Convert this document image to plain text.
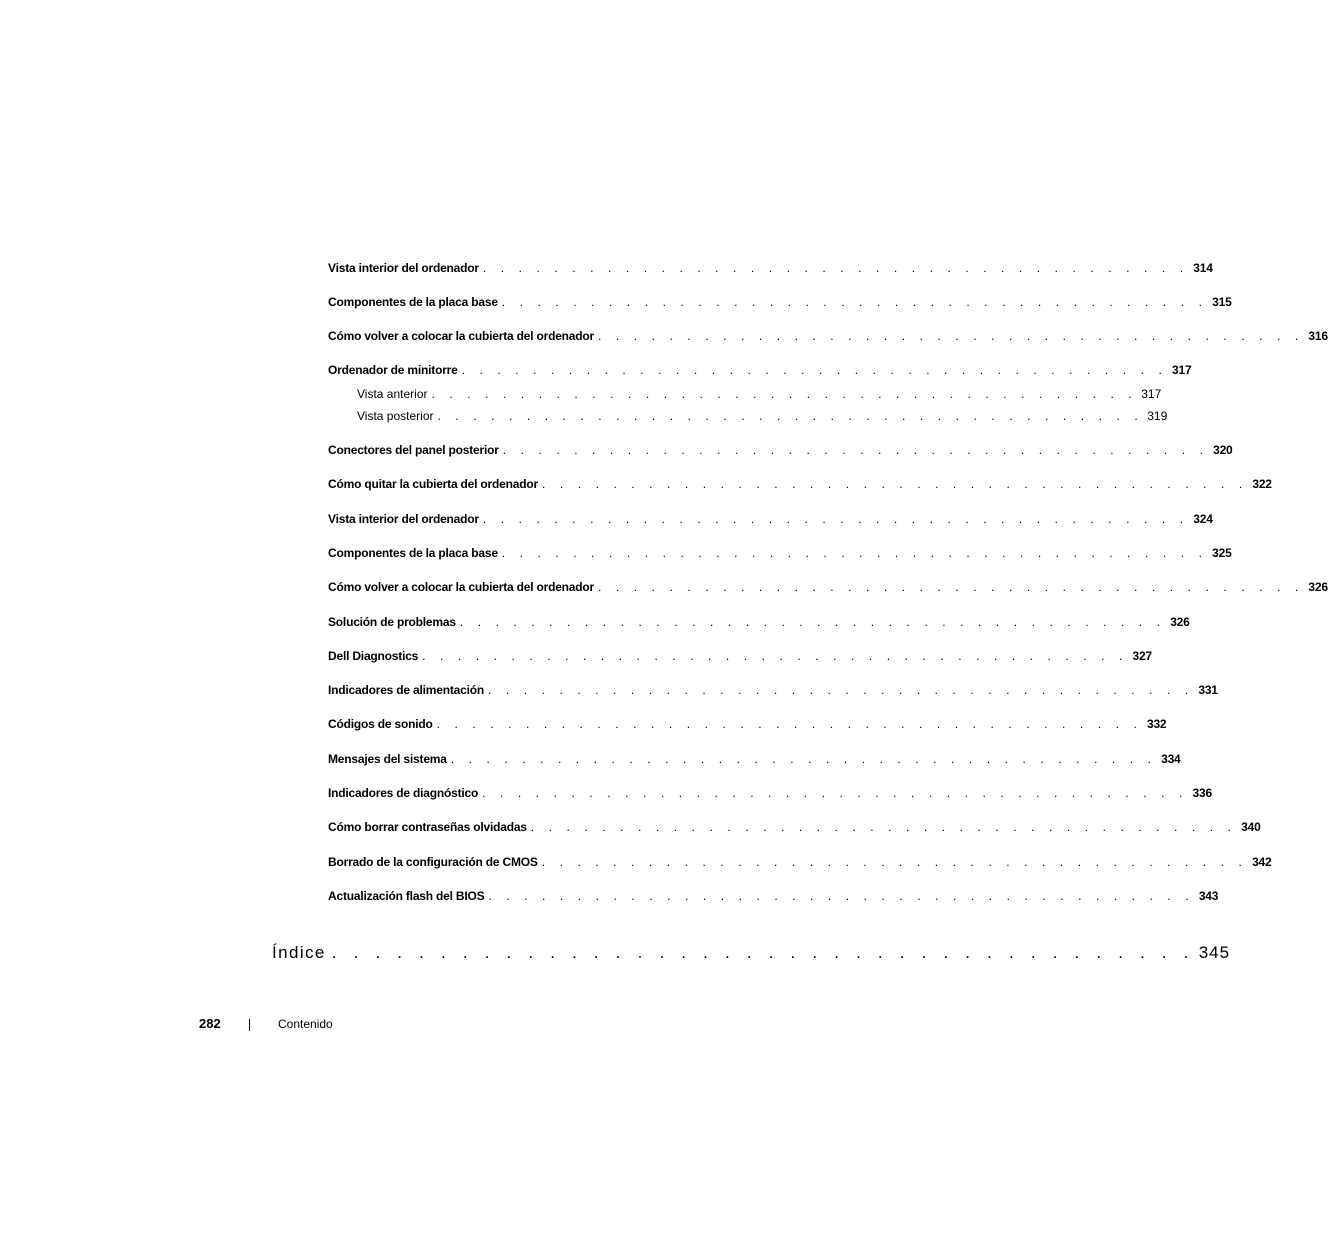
Vista interior del ordenador . . . . . . . . . . . . . . . . . . . . . . . . . . . . . . . . . . . . . . . . 314
Componentes de la placa base . . . . . . . . . . . . . . . . . . . . . . . . . . . . . . . . . . . . . . . . 315
Cómo volver a colocar la cubierta del ordenador . . . . . . . . . . . . . . . . . . . . . . . . . . . . . . . . . . . . . . . . 316
Ordenador de minitorre . . . . . . . . . . . . . . . . . . . . . . . . . . . . . . . . . . . . . . . . 317
Vista anterior . . . . . . . . . . . . . . . . . . . . . . . . . . . . . . . . . . . . . . . . 317
Vista posterior . . . . . . . . . . . . . . . . . . . . . . . . . . . . . . . . . . . . . . . . 319
Conectores del panel posterior . . . . . . . . . . . . . . . . . . . . . . . . . . . . . . . . . . . . . . . . 320
Cómo quitar la cubierta del ordenador . . . . . . . . . . . . . . . . . . . . . . . . . . . . . . . . . . . . . . . . 322
Vista interior del ordenador . . . . . . . . . . . . . . . . . . . . . . . . . . . . . . . . . . . . . . . . 324
Componentes de la placa base . . . . . . . . . . . . . . . . . . . . . . . . . . . . . . . . . . . . . . . . 325
Cómo volver a colocar la cubierta del ordenador . . . . . . . . . . . . . . . . . . . . . . . . . . . . . . . . . . . . . . . . 326
Solución de problemas . . . . . . . . . . . . . . . . . . . . . . . . . . . . . . . . . . . . . . . . 326
Dell Diagnostics . . . . . . . . . . . . . . . . . . . . . . . . . . . . . . . . . . . . . . . . 327
Indicadores de alimentación . . . . . . . . . . . . . . . . . . . . . . . . . . . . . . . . . . . . . . . . 331
Códigos de sonido . . . . . . . . . . . . . . . . . . . . . . . . . . . . . . . . . . . . . . . . 332
Mensajes del sistema . . . . . . . . . . . . . . . . . . . . . . . . . . . . . . . . . . . . . . . . 334
Indicadores de diagnóstico . . . . . . . . . . . . . . . . . . . . . . . . . . . . . . . . . . . . . . . . 336
Cómo borrar contraseñas olvidadas . . . . . . . . . . . . . . . . . . . . . . . . . . . . . . . . . . . . . . . . 340
Borrado de la configuración de CMOS . . . . . . . . . . . . . . . . . . . . . . . . . . . . . . . . . . . . . . . . 342
Actualización flash del BIOS . . . . . . . . . . . . . . . . . . . . . . . . . . . . . . . . . . . . . . . . 343
Índice . . . . . . . . . . . . . . . . . . . . . . . . . . . . . . . . . . . . . . . . 345
282	Contenido
